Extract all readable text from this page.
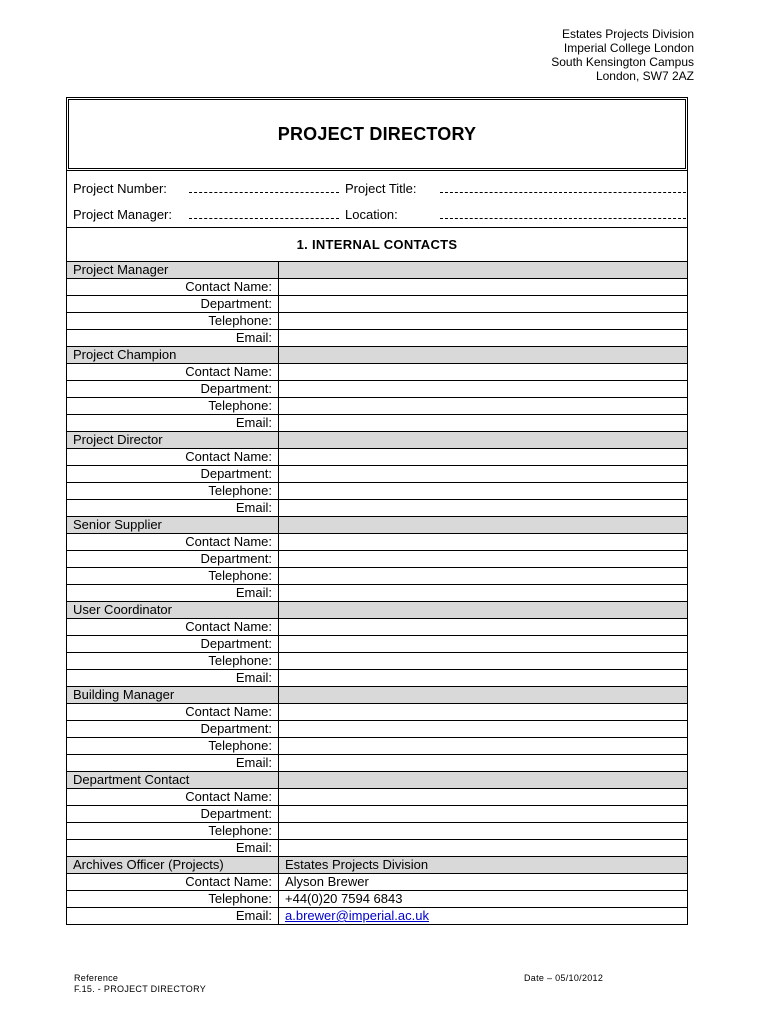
Estates Projects Division
Imperial College London
South Kensington Campus
London, SW7 2AZ
PROJECT DIRECTORY
Project Number:	Project Title:
Project Manager:	Location:
1. INTERNAL CONTACTS	
Project Manager	
Contact Name:	
Department:	
Telephone:	
Email:	
Project Champion	
Contact Name:	
Department:	
Telephone:	
Email:	
Project Director	
Contact Name:	
Department:	
Telephone:	
Email:	
Senior Supplier	
Contact Name:	
Department:	
Telephone:	
Email:	
User Coordinator	
Contact Name:	
Department:	
Telephone:	
Email:	
Building Manager	
Contact Name:	
Department:	
Telephone:	
Email:	
Department Contact	
Contact Name:	
Department:	
Telephone:	
Email:	
Archives Officer (Projects)	Estates Projects Division
Contact Name:	Alyson Brewer
Telephone:	+44(0)20 7594 6843
Email:	a.brewer@imperial.ac.uk
Reference
F.15. - PROJECT DIRECTORY
Date – 05/10/2012
